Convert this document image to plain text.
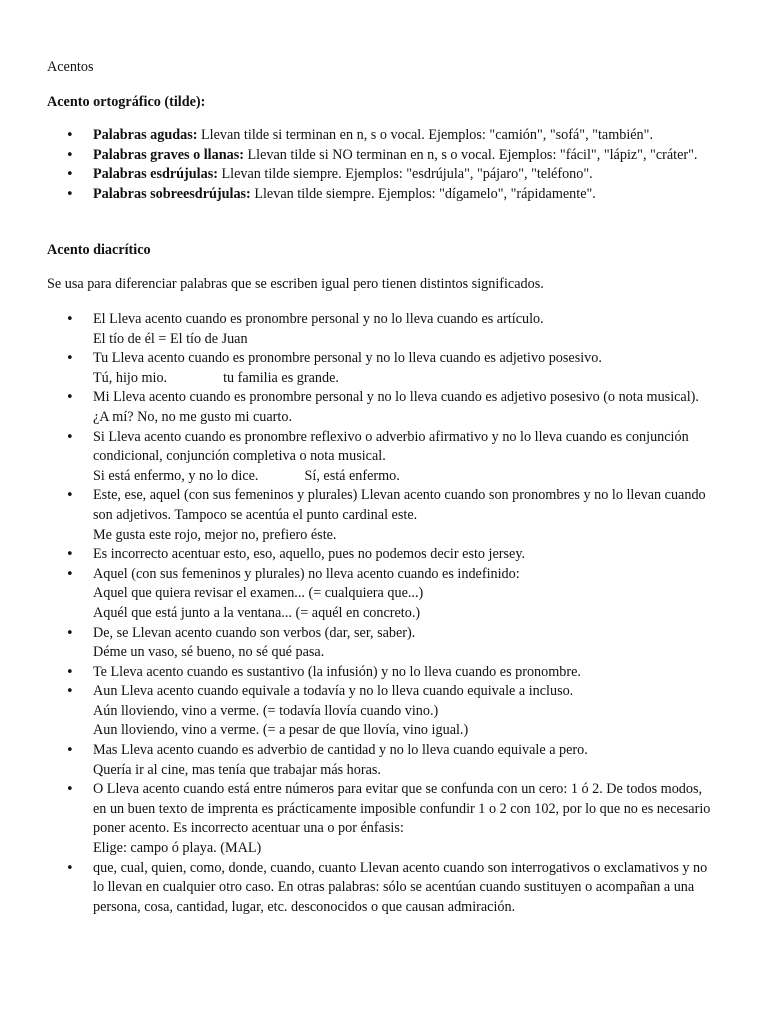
Acentos
Acento ortográfico (tilde):
• Palabras agudas: Llevan tilde si terminan en n, s o vocal. Ejemplos: "camión", "sofá", "también".
• Palabras graves o llanas: Llevan tilde si NO terminan en n, s o vocal. Ejemplos: "fácil", "lápiz", "cráter".
• Palabras esdrújulas: Llevan tilde siempre. Ejemplos: "esdrújula", "pájaro", "teléfono".
• Palabras sobreesdrújulas: Llevan tilde siempre. Ejemplos: "dígamelo", "rápidamente".
Acento diacrítico
Se usa para diferenciar palabras que se escriben igual pero tienen distintos significados.
• El Lleva acento cuando es pronombre personal y no lo lleva cuando es artículo.
El tío de él = El tío de Juan
• Tu Lleva acento cuando es pronombre personal y no lo lleva cuando es adjetivo posesivo.
Tú, hijo mio.	tu familia es grande.
• Mi Lleva acento cuando es pronombre personal y no lo lleva cuando es adjetivo posesivo (o nota musical).
¿A mí? No, no me gusto mi cuarto.
• Si Lleva acento cuando es pronombre reflexivo o adverbio afirmativo y no lo lleva cuando es conjunción condicional, conjunción completiva o nota musical.
Si está enfermo, y no lo dice.	Sí, está enfermo.
• Este, ese, aquel (con sus femeninos y plurales) Llevan acento cuando son pronombres y no lo llevan cuando son adjetivos. Tampoco se acentúa el punto cardinal este.
Me gusta este rojo, mejor no, prefiero éste.
• Es incorrecto acentuar esto, eso, aquello, pues no podemos decir esto jersey.
• Aquel (con sus femeninos y plurales) no lleva acento cuando es indefinido:
Aquel que quiera revisar el examen... (= cualquiera que...)
Aquél que está junto a la ventana... (= aquél en concreto.)
• De, se Llevan acento cuando son verbos (dar, ser, saber).
Déme un vaso, sé bueno, no sé qué pasa.
• Te Lleva acento cuando es sustantivo (la infusión) y no lo lleva cuando es pronombre.
• Aun Lleva acento cuando equivale a todavía y no lo lleva cuando equivale a incluso.
Aún lloviendo, vino a verme. (= todavía llovía cuando vino.)
Aun lloviendo, vino a verme. (= a pesar de que llovía, vino igual.)
• Mas Lleva acento cuando es adverbio de cantidad y no lo lleva cuando equivale a pero.
Quería ir al cine, mas tenía que trabajar más horas.
• O Lleva acento cuando está entre números para evitar que se confunda con un cero: 1 ó 2. De todos modos, en un buen texto de imprenta es prácticamente imposible confundir 1 o 2 con 102, por lo que no es necesario poner acento. Es incorrecto acentuar una o por énfasis:
Elige: campo ó playa. (MAL)
• que, cual, quien, como, donde, cuando, cuanto Llevan acento cuando son interrogativos o exclamativos y no lo llevan en cualquier otro caso. En otras palabras: sólo se acentúan cuando sustituyen o acompañan a una persona, cosa, cantidad, lugar, etc. desconocidos o que causan admiración.
